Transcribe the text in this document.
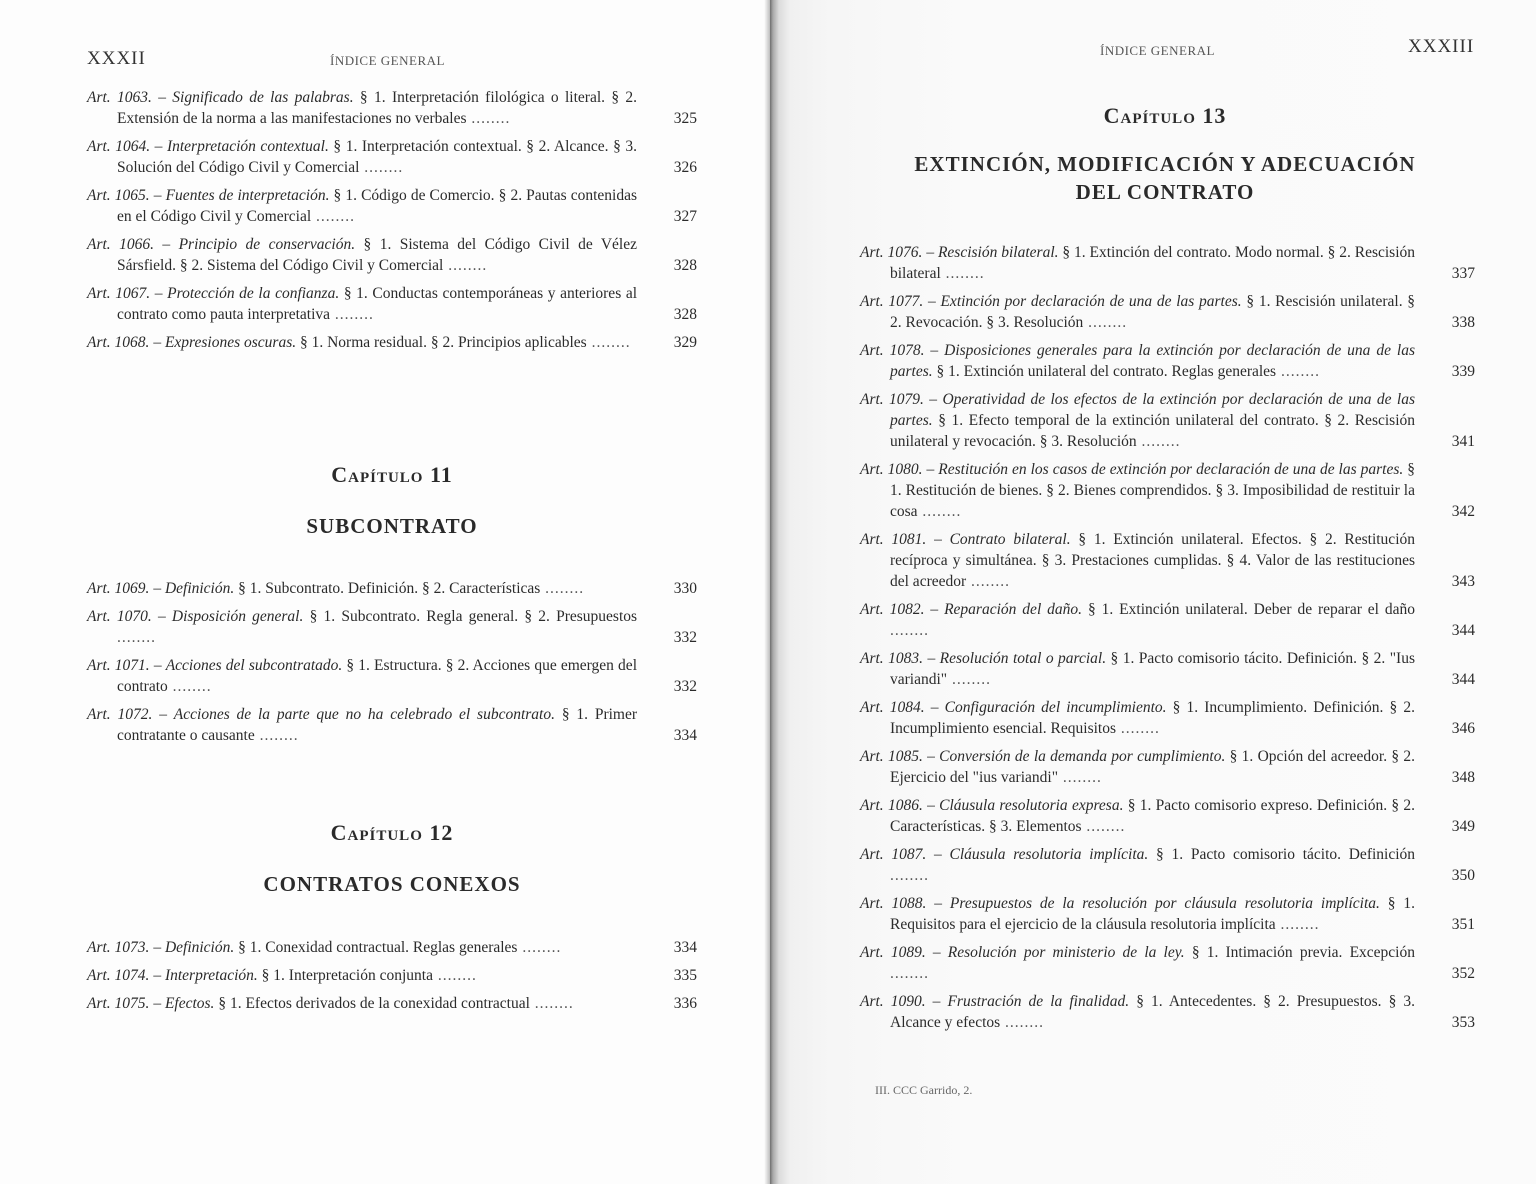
XXXII	ÍNDICE GENERAL
Art. 1063. – Significado de las palabras. § 1. Interpretación filológica o literal. § 2. Extensión de la norma a las manifestaciones no verbales ........	325
Art. 1064. – Interpretación contextual. § 1. Interpretación contextual. § 2. Alcance. § 3. Solución del Código Civil y Comercial ........	326
Art. 1065. – Fuentes de interpretación. § 1. Código de Comercio. § 2. Pautas contenidas en el Código Civil y Comercial ........	327
Art. 1066. – Principio de conservación. § 1. Sistema del Código Civil de Vélez Sársfield. § 2. Sistema del Código Civil y Comercial ........	328
Art. 1067. – Protección de la confianza. § 1. Conductas contemporáneas y anteriores al contrato como pauta interpretativa ........	328
Art. 1068. – Expresiones oscuras. § 1. Norma residual. § 2. Principios aplicables ........	329
Capítulo 11
SUBCONTRATO
Art. 1069. – Definición. § 1. Subcontrato. Definición. § 2. Características ........	330
Art. 1070. – Disposición general. § 1. Subcontrato. Regla general. § 2. Presupuestos ........	332
Art. 1071. – Acciones del subcontratado. § 1. Estructura. § 2. Acciones que emergen del contrato ........	332
Art. 1072. – Acciones de la parte que no ha celebrado el subcontrato. § 1. Primer contratante o causante ........	334
Capítulo 12
CONTRATOS CONEXOS
Art. 1073. – Definición. § 1. Conexidad contractual. Reglas generales ........	334
Art. 1074. – Interpretación. § 1. Interpretación conjunta ........	335
Art. 1075. – Efectos. § 1. Efectos derivados de la conexidad contractual ........	336
ÍNDICE GENERAL	XXXIII
Capítulo 13
EXTINCIÓN, MODIFICACIÓN Y ADECUACIÓN
DEL CONTRATO
Art. 1076. – Rescisión bilateral. § 1. Extinción del contrato. Modo normal. § 2. Rescisión bilateral ........	337
Art. 1077. – Extinción por declaración de una de las partes. § 1. Rescisión unilateral. § 2. Revocación. § 3. Resolución ........	338
Art. 1078. – Disposiciones generales para la extinción por declaración de una de las partes. § 1. Extinción unilateral del contrato. Reglas generales ........	339
Art. 1079. – Operatividad de los efectos de la extinción por declaración de una de las partes. § 1. Efecto temporal de la extinción unilateral del contrato. § 2. Rescisión unilateral y revocación. § 3. Resolución ........	341
Art. 1080. – Restitución en los casos de extinción por declaración de una de las partes. § 1. Restitución de bienes. § 2. Bienes comprendidos. § 3. Imposibilidad de restituir la cosa ........	342
Art. 1081. – Contrato bilateral. § 1. Extinción unilateral. Efectos. § 2. Restitución recíproca y simultánea. § 3. Prestaciones cumplidas. § 4. Valor de las restituciones del acreedor ........	343
Art. 1082. – Reparación del daño. § 1. Extinción unilateral. Deber de reparar el daño ........	344
Art. 1083. – Resolución total o parcial. § 1. Pacto comisorio tácito. Definición. § 2. "Ius variandi" ........	344
Art. 1084. – Configuración del incumplimiento. § 1. Incumplimiento. Definición. § 2. Incumplimiento esencial. Requisitos ........	346
Art. 1085. – Conversión de la demanda por cumplimiento. § 1. Opción del acreedor. § 2. Ejercicio del "ius variandi" ........	348
Art. 1086. – Cláusula resolutoria expresa. § 1. Pacto comisorio expreso. Definición. § 2. Características. § 3. Elementos ........	349
Art. 1087. – Cláusula resolutoria implícita. § 1. Pacto comisorio tácito. Definición ........	350
Art. 1088. – Presupuestos de la resolución por cláusula resolutoria implícita. § 1. Requisitos para el ejercicio de la cláusula resolutoria implícita ........	351
Art. 1089. – Resolución por ministerio de la ley. § 1. Intimación previa. Excepción ........	352
Art. 1090. – Frustración de la finalidad. § 1. Antecedentes. § 2. Presupuestos. § 3. Alcance y efectos ........	353
III. CCC Garrido, 2.
